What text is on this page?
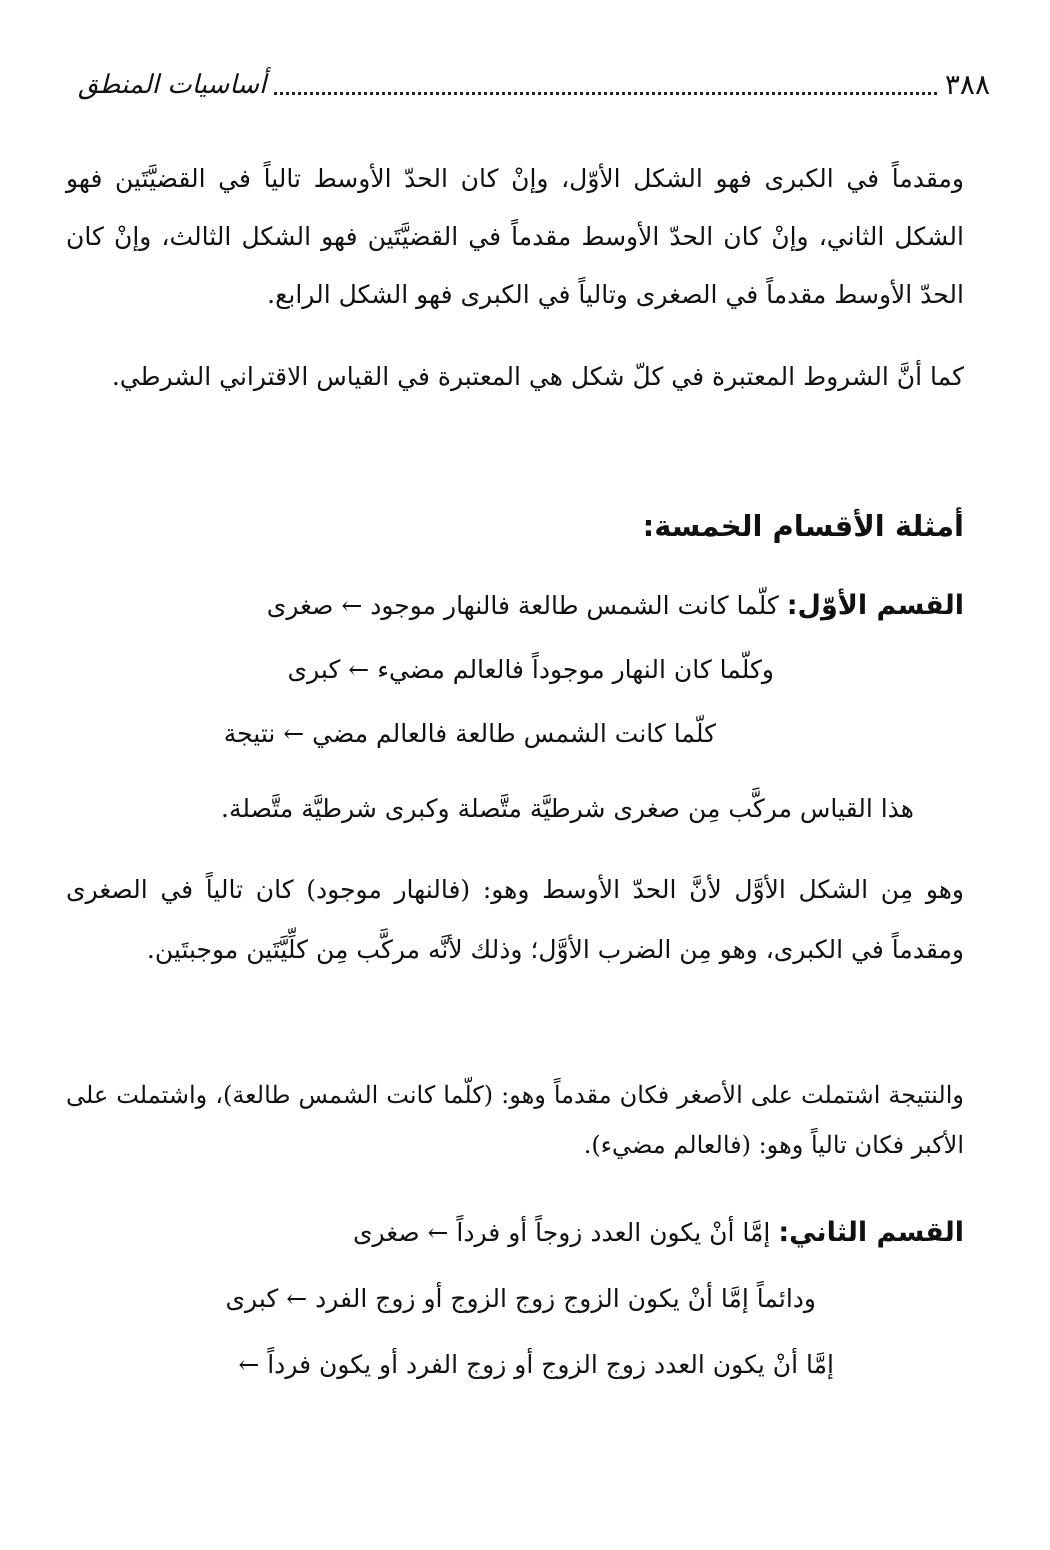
٣٨٨
أساسيات المنطق

ومقدماً في الكبرى فهو الشكل الأوّل، وإنْ كان الحدّ الأوسط تالياً في القضيَّتَين فهو الشكل الثاني، وإنْ كان الحدّ الأوسط مقدماً في القضيَّتَين فهو الشكل الثالث، وإنْ كان الحدّ الأوسط مقدماً في الصغرى وتالياً في الكبرى فهو الشكل الرابع.

كما أنَّ الشروط المعتبرة في كلّ شكل هي المعتبرة في القياس الاقتراني الشرطي.

أمثلة الأقسام الخمسة:
القسم الأوّل: كلّما كانت الشمس طالعة فالنهار موجود ← صغرى
وكلّما كان النهار موجوداً فالعالم مضيء ← كبرى
كلّما كانت الشمس طالعة فالعالم مضي ← نتيجة

هذا القياس مركَّب مِن صغرى شرطيَّة متَّصلة وكبرى شرطيَّة متَّصلة.

وهو مِن الشكل الأوَّل لأنَّ الحدّ الأوسط وهو: (فالنهار موجود) كان تالياً في الصغرى ومقدماً في الكبرى، وهو مِن الضرب الأوَّل؛ وذلك لأنَّه مركَّب مِن كلِّيَّتَين موجبتَين.

والنتيجة اشتملت على الأصغر فكان مقدماً وهو: (كلّما كانت الشمس طالعة)، واشتملت على الأكبر فكان تالياً وهو: (فالعالم مضيء).

القسم الثاني: إمَّا أنْ يكون العدد زوجاً أو فرداً ← صغرى
ودائماً إمَّا أنْ يكون الزوج زوج الزوج أو زوج الفرد ← كبرى
إمَّا أنْ يكون العدد زوج الزوج أو زوج الفرد أو يكون فرداً ←
